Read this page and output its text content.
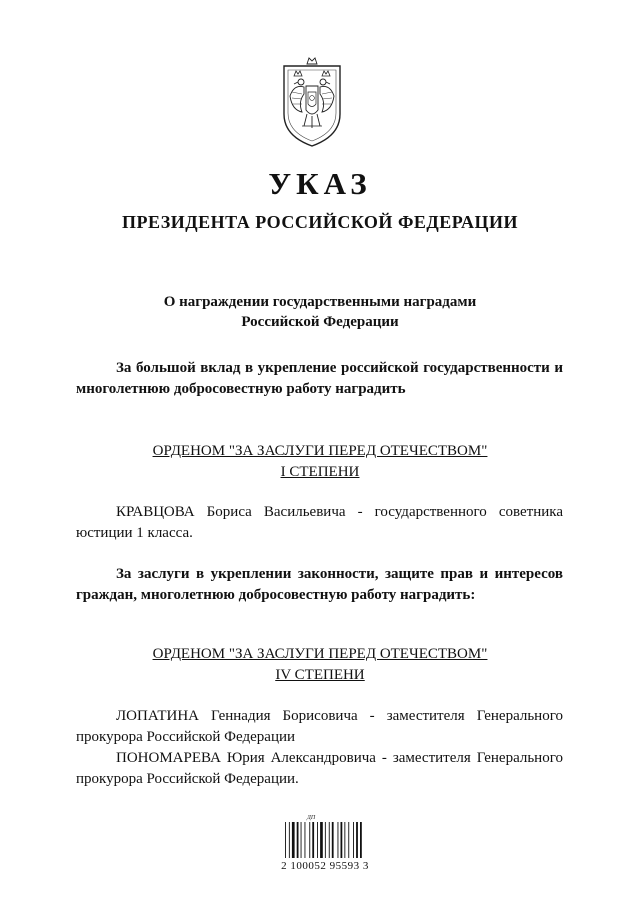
УКАЗ
ПРЕЗИДЕНТА РОССИЙСКОЙ ФЕДЕРАЦИИ
О награждении государственными наградами
Российской Федерации
За большой вклад в укрепление российской государственности и многолетнюю добросовестную работу наградить
ОРДЕНОМ "ЗА ЗАСЛУГИ ПЕРЕД ОТЕЧЕСТВОМ"
I СТЕПЕНИ
КРАВЦОВА Бориса Васильевича - государственного советника юстиции 1 класса.
За заслуги в укреплении законности, защите прав и интересов граждан, многолетнюю добросовестную работу наградить:
ОРДЕНОМ "ЗА ЗАСЛУГИ ПЕРЕД ОТЕЧЕСТВОМ"
IV СТЕПЕНИ
ЛОПАТИНА Геннадия Борисовича - заместителя Генерального прокурора Российской Федерации
ПОНОМАРЕВА Юрия Александровича - заместителя Генерального прокурора Российской Федерации.
ДП
2 100052 95593 3
